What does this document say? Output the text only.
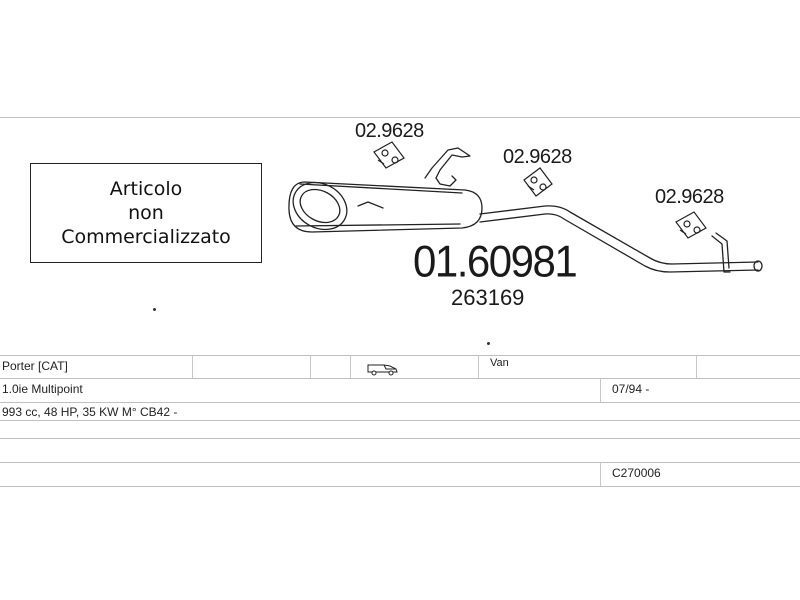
Articolo
non
Commercializzato
02.9628
02.9628
02.9628
01.60981
263169
Porter [CAT]	Van
1.0ie Multipoint	07/94 -
993 cc, 48 HP, 35 KW M° CB42 -
C270006
